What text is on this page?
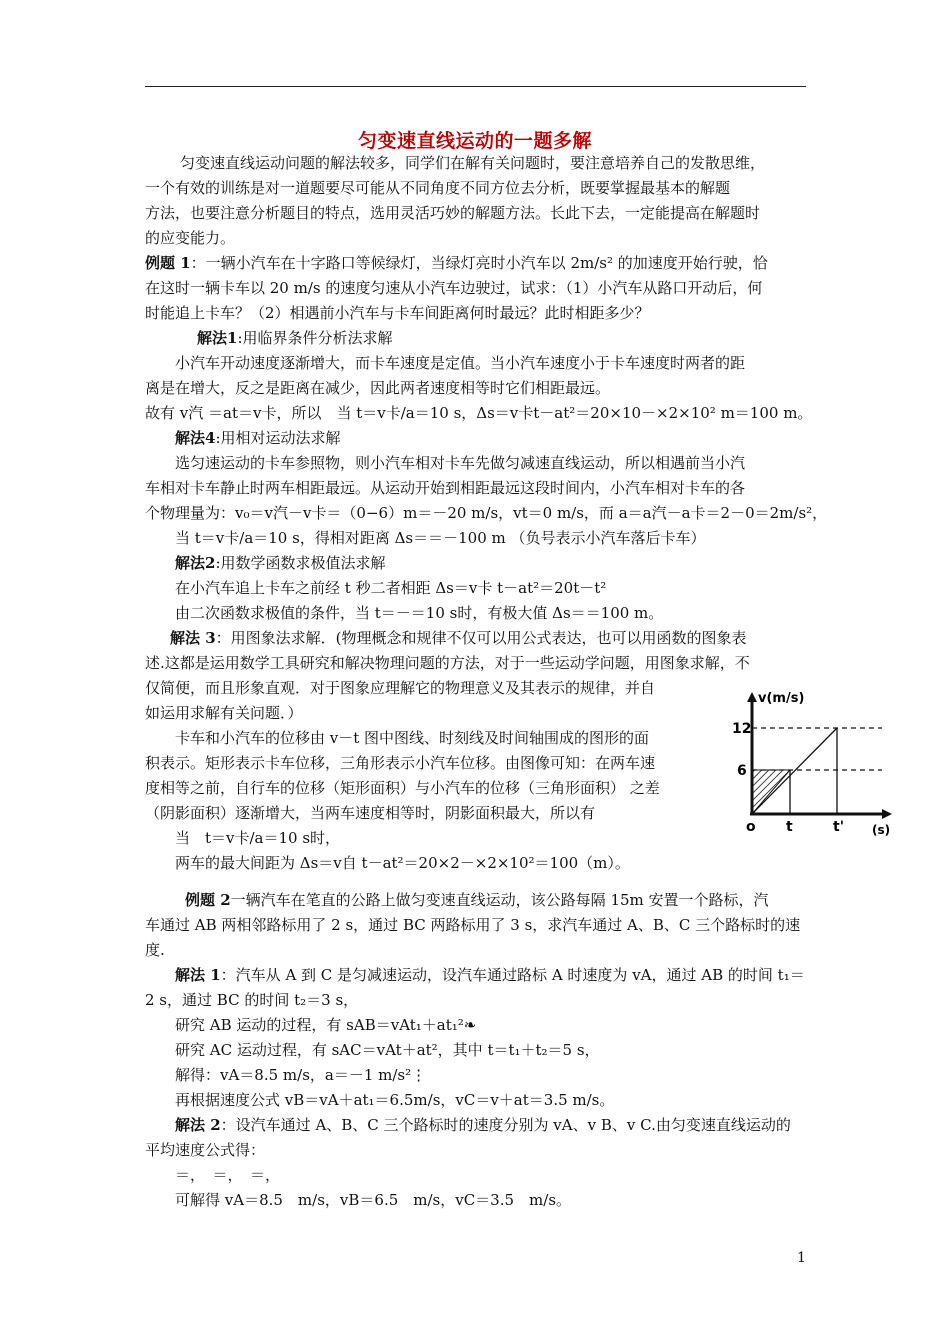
匀变速直线运动的一题多解
匀变速直线运动问题的解法较多，同学们在解有关问题时，要注意培养自己的发散思维，
一个有效的训练是对一道题要尽可能从不同角度不同方位去分析，既要掌握最基本的解题
方法，也要注意分析题目的特点，选用灵活巧妙的解题方法。长此下去，一定能提高在解题时
的应变能力。
例题 1：一辆小汽车在十字路口等候绿灯，当绿灯亮时小汽车以 2m/s² 的加速度开始行驶，恰
在这时一辆卡车以 20 m/s 的速度匀速从小汽车边驶过，试求：（1）小汽车从路口开动后，何
时能追上卡车？（2）相遇前小汽车与卡车间距离何时最远？此时相距多少？
解法1:用临界条件分析法求解
小汽车开动速度逐渐增大，而卡车速度是定值。当小汽车速度小于卡车速度时两者的距
离是在增大，反之是距离在减少，因此两者速度相等时它们相距最远。
故有 v汽 ＝at＝v卡，所以　当 t＝v卡/a＝10 s，Δs＝v卡t－at²＝20×10－×2×10² m＝100 m。
解法4:用相对运动法求解
选匀速运动的卡车参照物，则小汽车相对卡车先做匀减速直线运动，所以相遇前当小汽
车相对卡车静止时两车相距最远。从运动开始到相距最远这段时间内，小汽车相对卡车的各
个物理量为：v₀＝v汽－v卡＝（0−6）m＝－20 m/s，vt＝0 m/s，而 a＝a汽－a卡＝2－0＝2m/s²，
当 t＝v卡/a＝10 s，得相对距离 Δs＝＝－100 m （负号表示小汽车落后卡车）
解法2:用数学函数求极值法求解
在小汽车追上卡车之前经 t 秒二者相距 Δs＝v卡 t－at²＝20t－t²
由二次函数求极值的条件，当 t＝－＝10 s时，有极大值 Δs＝＝100 m。
解法 3：用图象法求解．(物理概念和规律不仅可以用公式表达，也可以用函数的图象表
述.这都是运用数学工具研究和解决物理问题的方法，对于一些运动学问题，用图象求解，不
仅简便，而且形象直观．对于图象应理解它的物理意义及其表示的规律，并自
如运用求解有关问题．）
卡车和小汽车的位移由 v－t 图中图线、时刻线及时间轴围成的图形的面
积表示。矩形表示卡车位移，三角形表示小汽车位移。由图像可知：在两车速
度相等之前，自行车的位移（矩形面积）与小汽车的位移（三角形面积） 之差
（阴影面积）逐渐增大，当两车速度相等时，阴影面积最大，所以有
当　t＝v卡/a＝10 s时，
两车的最大间距为 Δs＝v自 t－at²＝20×2－×2×10²＝100（m）。
v(m/s)
12
6
o t	t' (s)
例题 2一辆汽车在笔直的公路上做匀变速直线运动，该公路每隔 15m 安置一个路标，汽
车通过 AB 两相邻路标用了 2 s，通过 BC 两路标用了 3 s，求汽车通过 A、B、C 三个路标时的速
度.
解法 1：汽车从 A 到 C 是匀减速运动，设汽车通过路标 A 时速度为 vA，通过 AB 的时间 t₁＝
2 s，通过 BC 的时间 t₂＝3 s，
研究 AB 运动的过程，有 sAB＝vAt₁＋at₁²❧
研究 AC 运动过程，有 sAC＝vAt＋at²，其中 t＝t₁＋t₂＝5 s，
解得：vA＝8.5 m/s，a＝－1 m/s²⋮
再根据速度公式 vB＝vA＋at₁＝6.5m/s，vC＝v＋at＝3.5 m/s。
解法 2：设汽车通过 A、B、C 三个路标时的速度分别为 vA、v B、v C.由匀变速直线运动的
平均速度公式得：
＝，　＝，　＝，
可解得 vA＝8.5　m/s，vB＝6.5　m/s，vC＝3.5　m/s。
1
